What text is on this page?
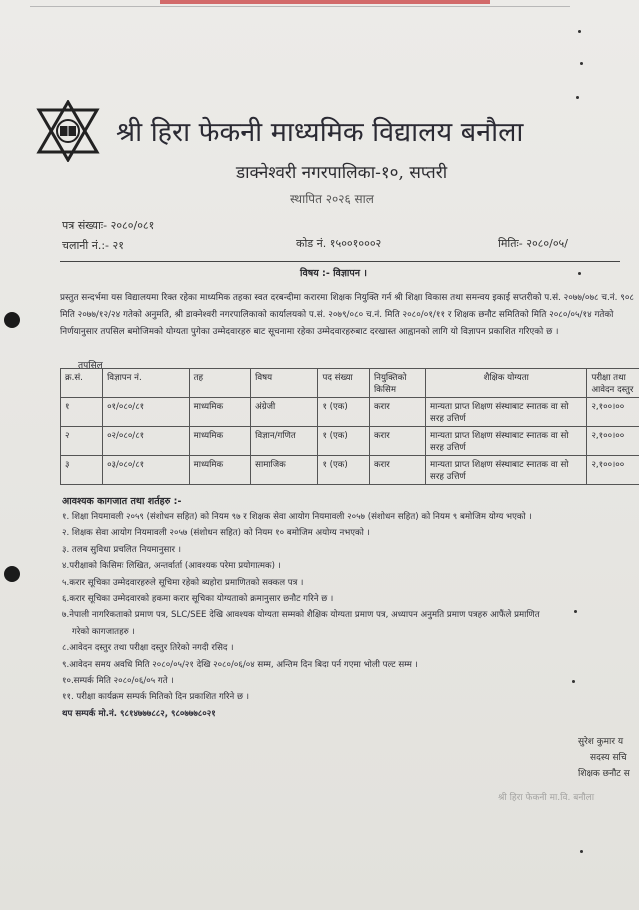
श्री हिरा फेकनी माध्यमिक विद्यालय बनौला
डाक्नेश्वरी नगरपालिका-१०, सप्तरी
स्थापित २०२६ साल
पत्र संख्याः- २०८०/०८१
चलानी नं.:- २१	कोड नं. १५००१०००२	मितिः- २०८०/०५/
विषय :- विज्ञापन ।
प्रस्तुत सन्दर्भमा यस विद्यालयमा रिक्त रहेका माध्यमिक तहका स्वत दरबन्दीमा करारमा शिक्षक नियुक्ति गर्न श्री शिक्षा विकास तथा समन्वय इकाई सप्तरीको प.सं. २०७७/०७८ च.नं. ९०८ मिति २०७७/१२/२४ गतेको अनुमति, श्री डाक्नेश्वरी नगरपालिकाको कार्यालयको प.सं. २०७९/०८० च.नं. मिति २०८०/०१/११ र शिक्षक छनौट समितिको मिति २०८०/०५/१४ गतेको निर्णयानुसार तपसिल बमोजिमको योग्यता पुगेका उम्मेदवारहरु बाट सूचनामा रहेका उम्मेदवारहरुबाट दरखास्त आह्वानको लागि यो विज्ञापन प्रकाशित गरिएको छ ।
तपसिल
क्र.सं.	विज्ञापन नं.	तह	विषय	पद संख्या	नियुक्तिको किसिम	शैक्षिक योग्यता	परीक्षा तथा आवेदन दस्तुर
१	०१/०८०/८१	माध्यमिक	अंग्रेजी	१ (एक)	करार	मान्यता प्राप्त शिक्षण संस्थाबाट स्नातक वा सो सरह उत्तिर्ण	२,१००।००
२	०२/०८०/८१	माध्यमिक	विज्ञान/गणित	१ (एक)	करार	मान्यता प्राप्त शिक्षण संस्थाबाट स्नातक वा सो सरह उत्तिर्ण	२,१००।००
३	०३/०८०/८१	माध्यमिक	सामाजिक	१ (एक)	करार	मान्यता प्राप्त शिक्षण संस्थाबाट स्नातक वा सो सरह उत्तिर्ण	२,१००।००
आवश्यक कागजात तथा शर्तहरु :-
१. शिक्षा नियमावली २०५९ (संशोधन सहित) को नियम ९७ र शिक्षक सेवा आयोग नियमावली २०५७ (संशोधन सहित) को नियम ९ बमोजिम योग्य भएको ।
२. शिक्षक सेवा आयोग नियमावली २०५७ (संशोधन सहित) को नियम १० बमोजिम अयोग्य नभएको ।
३. तलब सुविधा प्रचलित नियमानुसार ।
४.परीक्षाको किसिमः लिखित, अन्तर्वार्ता (आवश्यक परेमा प्रयोगात्मक) ।
५.करार सूचिका उम्मेदवारहरुले सूचिमा रहेको ब्यहोरा प्रमाणितको सक्कल पत्र ।
६.करार सूचिका उम्मेदवारको हकमा करार सूचिका योग्यताको क्रमानुसार छनौट गरिने छ ।
७.नेपाली नागरिकताको प्रमाण पत्र, SLC/SEE देखि आवश्यक योग्यता सम्मको शैक्षिक योग्यता प्रमाण पत्र, अध्यापन अनुमति प्रमाण पत्रहरु आफैंले प्रमाणित
गरेको कागजातहरु ।
८.आवेदन दस्तुर तथा परीक्षा दस्तुर तिरेको नगदी रसिद ।
९.आवेदन समय अवधि मिति २०८०/०५/२१ देखि २०८०/०६/०४ सम्म, अन्तिम दिन बिदा पर्न गएमा भोली पल्ट सम्म ।
१०.सम्पर्क मिति २०८०/०६/०५ गते ।
११. परीक्षा कार्यक्रम सम्पर्क मितिको दिन प्रकाशित गरिने छ ।
थप सम्पर्क मो.नं. ९८१४७७७८८२, ९८०७७७८०२१
सुरेश कुमार य
सदस्य सचि
शिक्षक छनौट स
श्री हिरा फेकनी मा.वि. बनौला
